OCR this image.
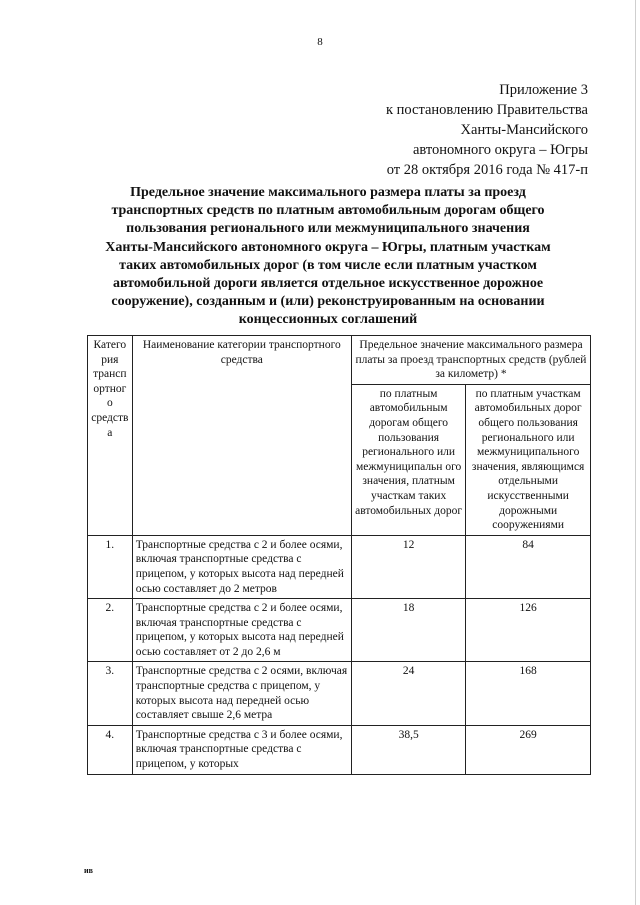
8
Приложение 3
к постановлению Правительства
Ханты-Мансийского
автономного округа – Югры
от 28 октября 2016 года № 417-п
Предельное значение максимального размера платы за проезд
транспортных средств по платным автомобильным дорогам общего
пользования регионального или межмуниципального значения
Ханты-Мансийского автономного округа – Югры, платным участкам
таких автомобильных дорог (в том числе если платным участком
автомобильной дороги является отдельное искусственное дорожное
сооружение), созданным и (или) реконструированным на основании
концессионных соглашений
Катего рия трансп ортног о средств а	Наименование категории транспортного средства	Предельное значение максимального размера платы за проезд транспортных средств (рублей за километр) *	
		по платным автомобильным дорогам общего пользования регионального или межмуниципальн ого значения, платным участкам таких автомобильных дорог	по платным участкам автомобильных дорог общего пользования регионального или межмуниципального значения, являющимся отдельными искусственными дорожными сооружениями
1.	Транспортные средства с 2 и более осями, включая транспортные средства с прицепом, у которых высота над передней осью составляет до 2 метров	12	84
2.	Транспортные средства с 2 и более осями, включая транспортные средства с прицепом, у которых высота над передней осью составляет от 2 до 2,6 м	18	126
3.	Транспортные средства с 2 осями, включая транспортные средства с прицепом, у которых высота над передней осью составляет свыше 2,6 метра	24	168
4.	Транспортные средства с 3 и более осями, включая транспортные средства с прицепом, у которых	38,5	269
ив
